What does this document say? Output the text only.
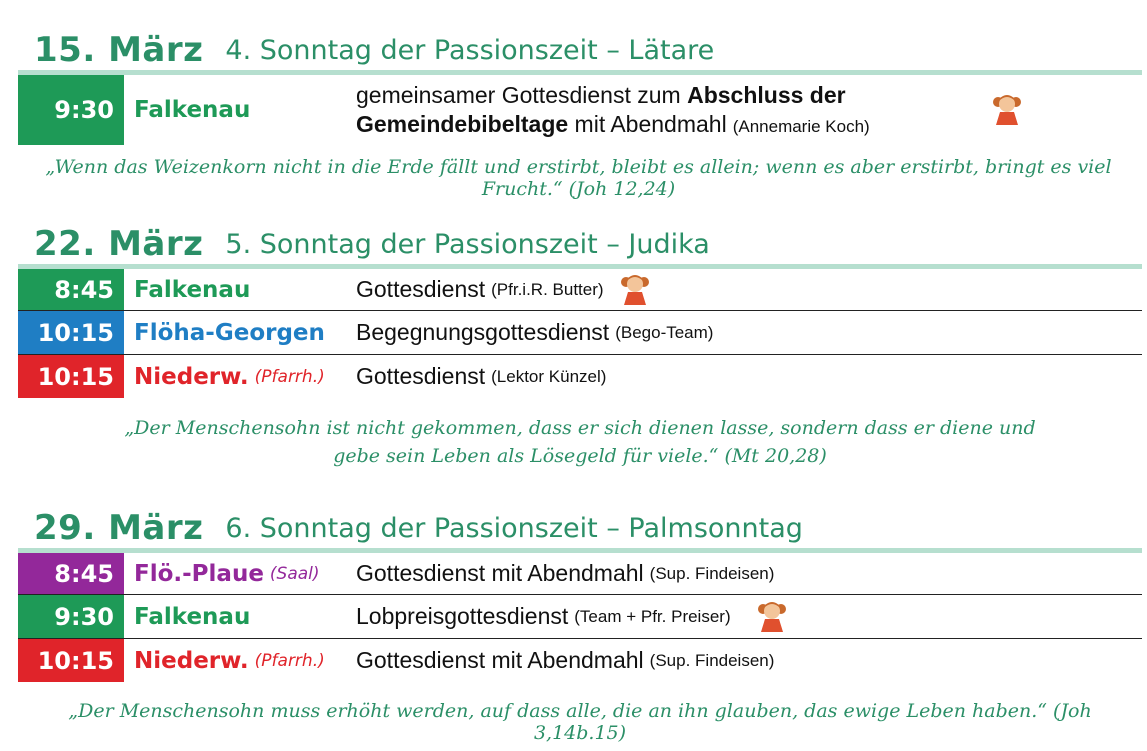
15. März 4. Sonntag der Passionszeit – Lätare
9:30 Falkenau
gemeinsamer Gottesdienst zum Abschluss der
Gemeindebibeltage mit Abendmahl (Annemarie Koch)
„Wenn das Weizenkorn nicht in die Erde fällt und erstirbt, bleibt es allein; wenn es aber erstirbt, bringt es viel Frucht.“ (Joh 12,24)
22. März 5. Sonntag der Passionszeit – Judika
8:45 Falkenau	Gottesdienst (Pfr.i.R. Butter)
10:15 Flöha-Georgen Begegnungsgottesdienst (Bego-Team)
10:15 Niederw. (Pfarrh.) Gottesdienst (Lektor Künzel)
„Der Menschensohn ist nicht gekommen, dass er sich dienen lasse, sondern dass er diene und
gebe sein Leben als Lösegeld für viele.“ (Mt 20,28)
29. März 6. Sonntag der Passionszeit – Palmsonntag
8:45 Flö.-Plaue (Saal) Gottesdienst mit Abendmahl (Sup. Findeisen)
9:30 Falkenau	Lobpreisgottesdienst (Team + Pfr. Preiser)
10:15 Niederw. (Pfarrh.) Gottesdienst mit Abendmahl (Sup. Findeisen)
„Der Menschensohn muss erhöht werden, auf dass alle, die an ihn glauben, das ewige Leben haben.“ (Joh 3,14b.15)
